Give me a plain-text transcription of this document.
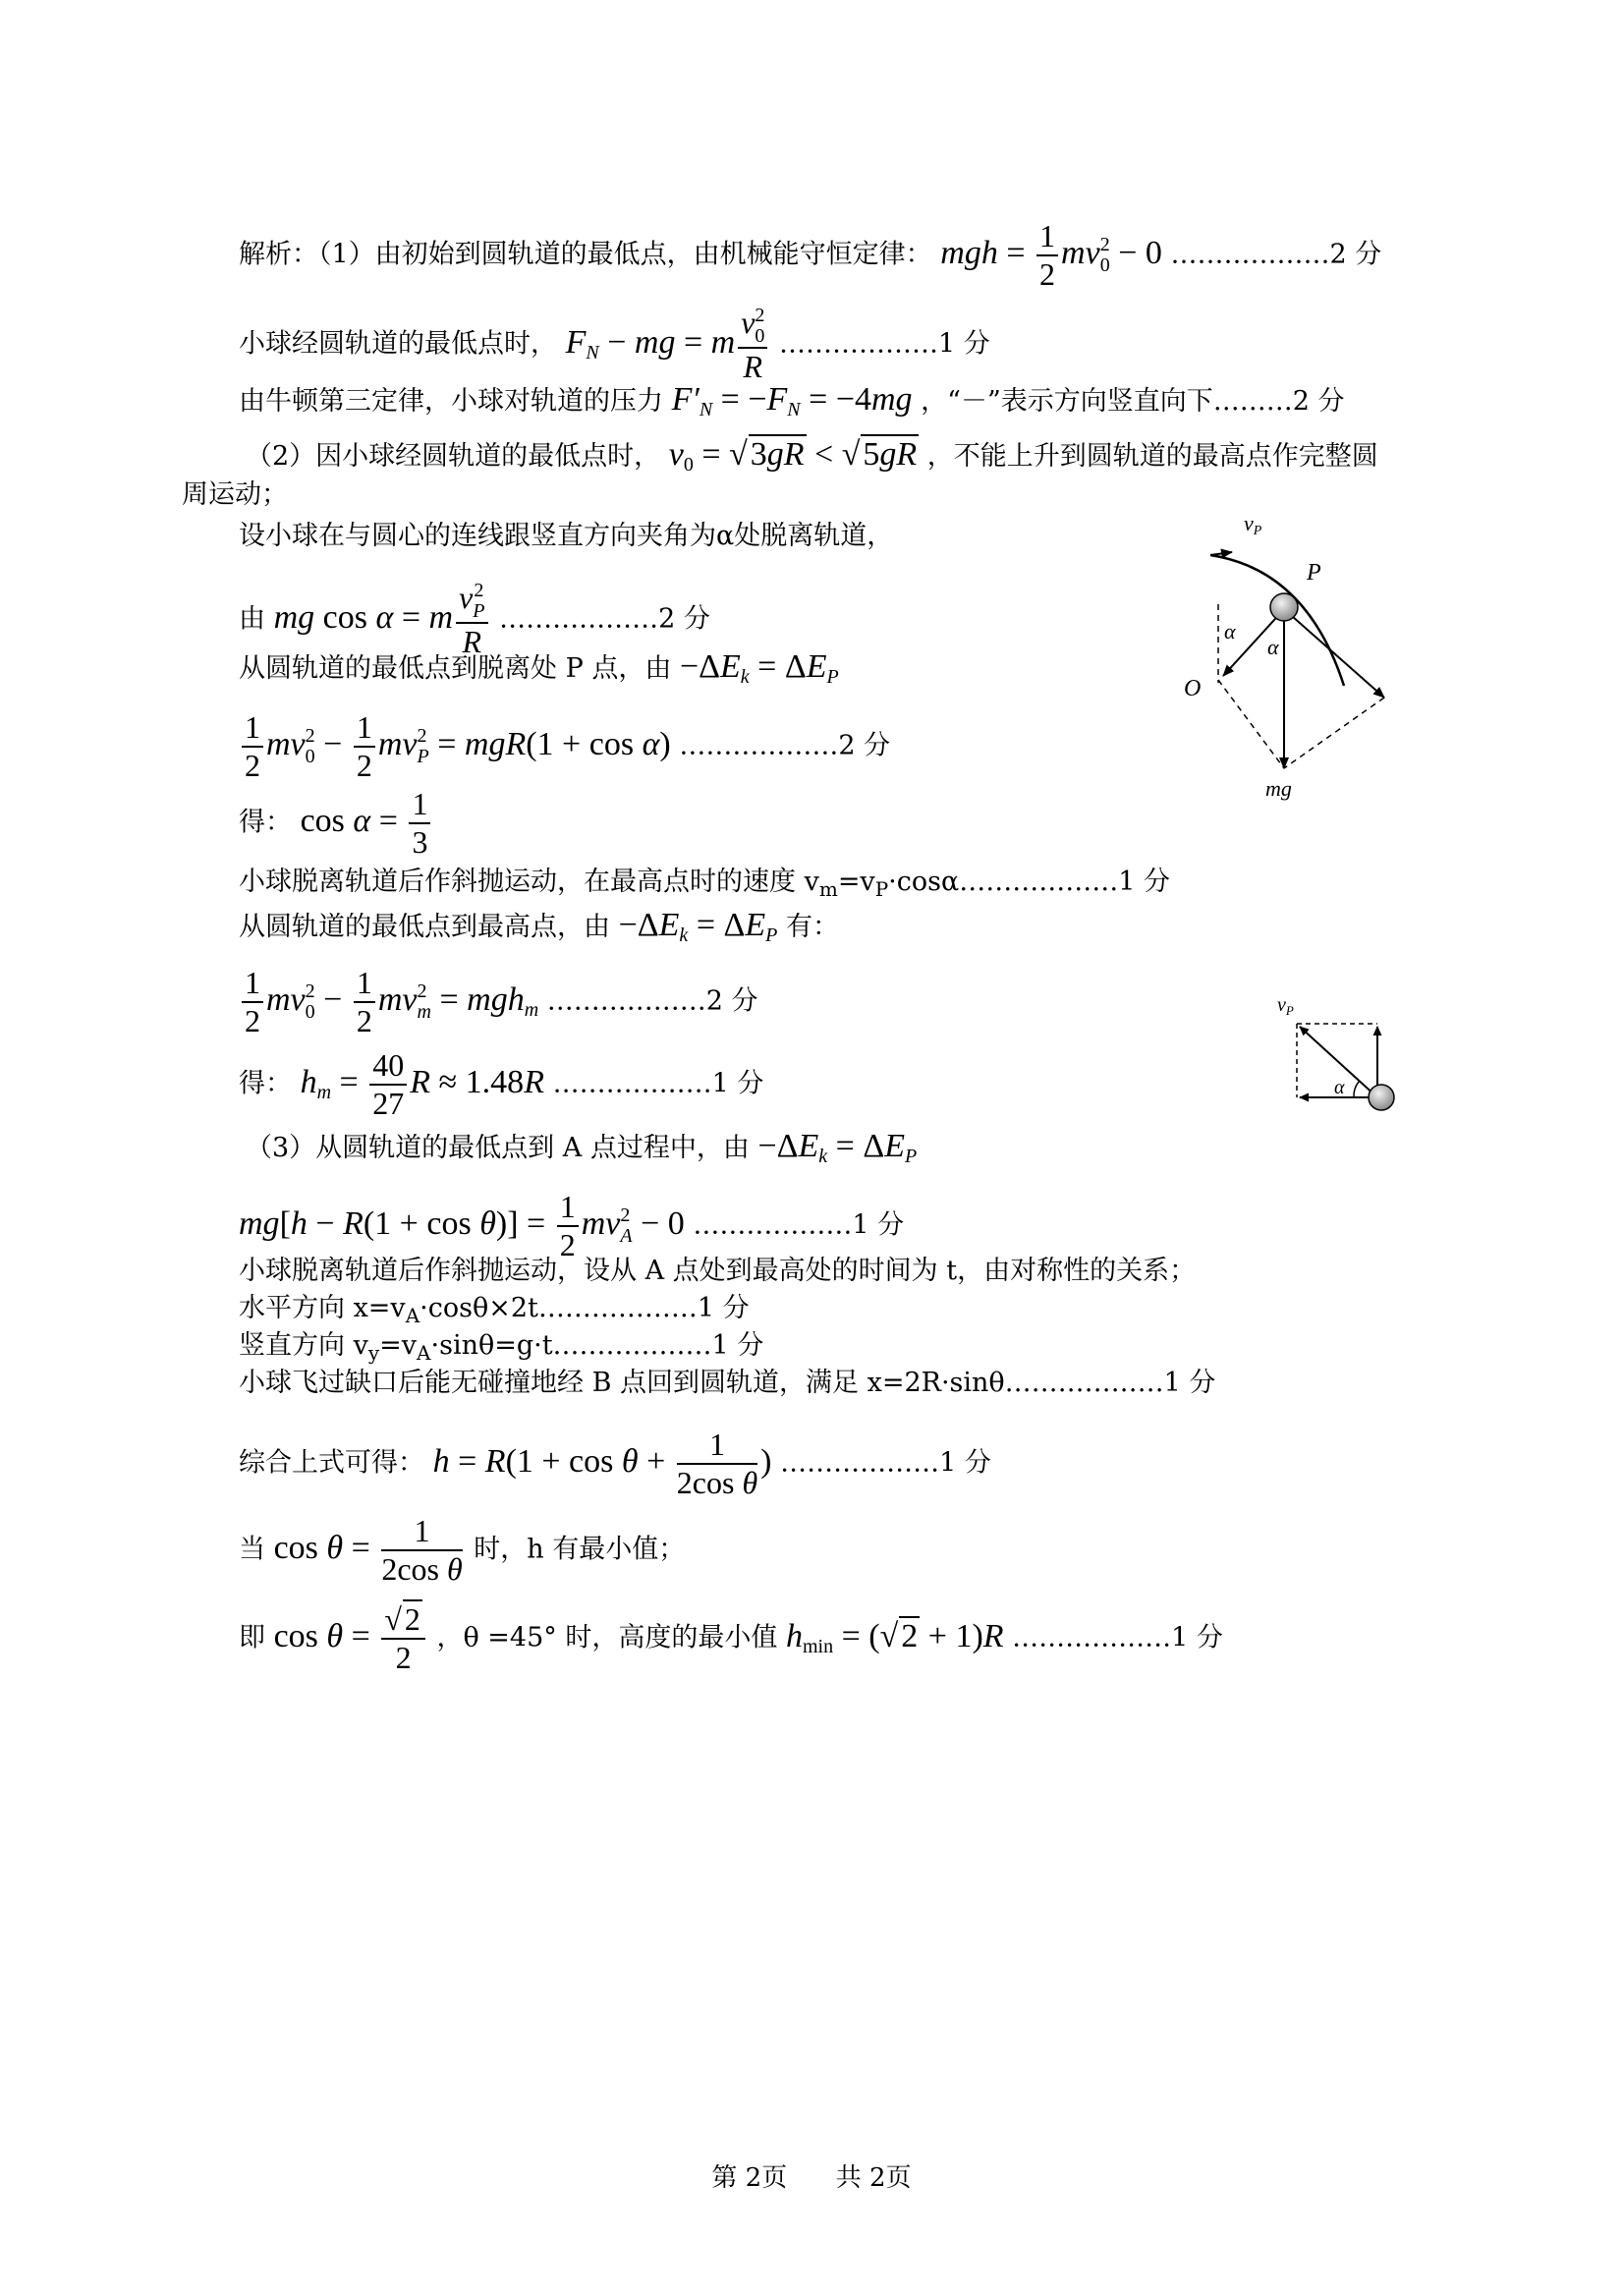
解析：（1）由初始到圆轨道的最低点，由机械能守恒定律： mgh = $\frac{1}{2}$ mv 2
0 − 0 ………………2 分
小球经圆轨道的最低点时， $F_N$ − mg = m v 2
0
R ………………1 分
由牛顿第三定律，小球对轨道的压力 $F'_N = -F_N = -4mg$ ，“－”表示方向竖直向下………2 分
（2）因小球经圆轨道的最低点时， $v_0 = √3gR < √5gR$ ，不能上升到圆轨道的最高点作完整圆
周运动；
设小球在与圆心的连线跟竖直方向夹角为α处脱离轨道，
由 mg cos α = m v 2
P
R ………………2 分
从圆轨道的最低点到脱离处 P 点，由 $-\Delta E_k = \Delta E_P$
$\frac{1}{2}$ mv 2
$0 - \frac{1}{2}$ mv 2
P = mgR(1 + cos α) ………………2 分
得： $\cos \alpha = \frac{1}{3}$
小球脱离轨道后作斜抛运动，在最高点时的速度 $v_m=v_P\cdot\cos\alpha\dots\dots\dots\dots\dots\dots 1$ 分
从圆轨道的最低点到最高点，由 $-\Delta E_k = \Delta E_P$ 有：
$\frac{1}{2}$ mv 2
$0 - \frac{1}{2}$ mv 2
m = mgh$_m$ ………………2 分
得： $h_m = \frac{40}{27}$ R ≈ 1.48R ………………1 分
（3）从圆轨道的最低点到 A 点过程中，由 $-\Delta E_k = \Delta E_P$
$mg[h - R(1 + \cos \theta)] = \frac{1}{2}$ mv 2
A − 0 ………………1 分
小球脱离轨道后作斜抛运动，设从 A 点处到最高处的时间为 t，由对称性的关系；
水平方向 $x=v_A\cdot\cos\theta\times 2t\dots\dots\dots\dots\dots\dots 1$ 分
竖直方向 $v_y=v_A\cdot\sin\theta=g\cdot t\dots\dots\dots\dots\dots\dots 1$ 分
小球飞过缺口后能无碰撞地经 B 点回到圆轨道，满足 x=2R·sinθ………………1 分
综合上式可得： $h = R(1 + \cos \theta + \frac{1}{\text{2cos θ}}$ ) ………………1 分
当 $\cos \theta = \frac{1}{\text{2cos θ}}$ 时，h 有最小值；
即 $\cos \theta = \frac{√2}{2}$ ，θ =45° 时，高度的最小值 $h_{min} = (√2 + 1)R$ ………………1 分
vP
P
O
α
α
mg
$v_P$
α
第 2页 共 2页
